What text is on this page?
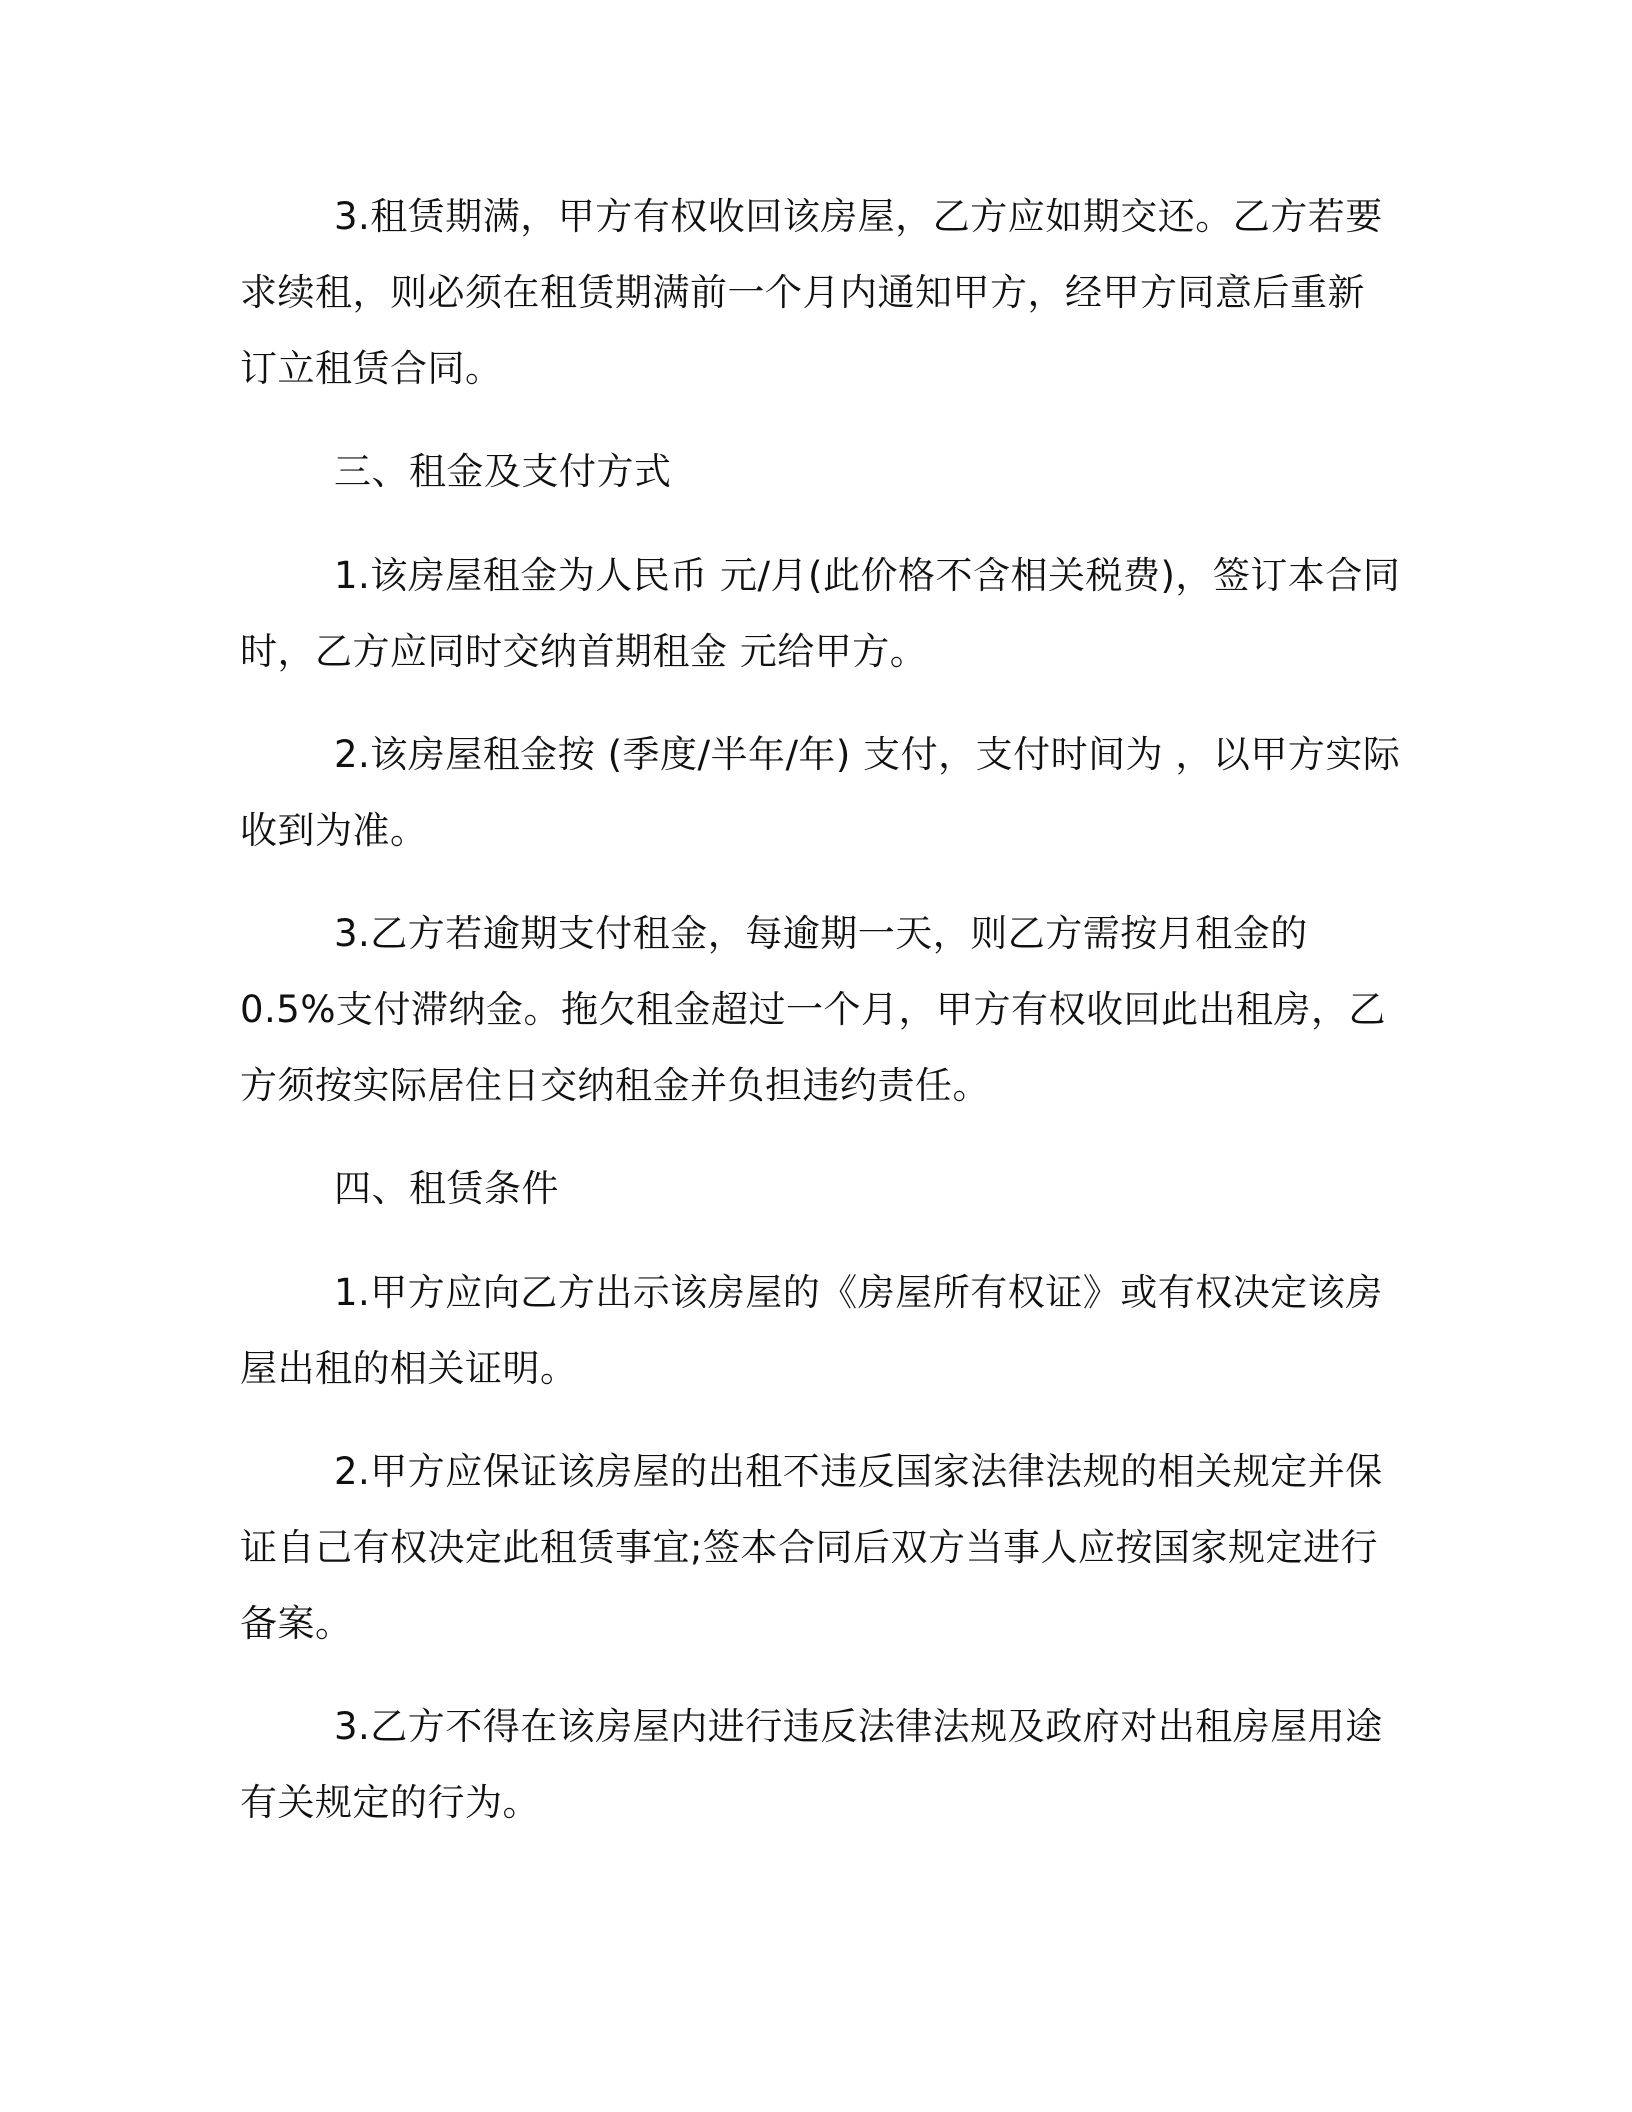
3.租赁期满，甲方有权收回该房屋，乙方应如期交还。乙方若要
求续租，则必须在租赁期满前一个月内通知甲方，经甲方同意后重新
订立租赁合同。
三、租金及支付方式
1.该房屋租金为人民币 元/月(此价格不含相关税费)，签订本合同
时，乙方应同时交纳首期租金 元给甲方。
2.该房屋租金按 (季度/半年/年) 支付，支付时间为 ，以甲方实际
收到为准。
3.乙方若逾期支付租金，每逾期一天，则乙方需按月租金的
0.5%支付滞纳金。拖欠租金超过一个月，甲方有权收回此出租房，乙
方须按实际居住日交纳租金并负担违约责任。
四、租赁条件
1.甲方应向乙方出示该房屋的《房屋所有权证》或有权决定该房
屋出租的相关证明。
2.甲方应保证该房屋的出租不违反国家法律法规的相关规定并保
证自己有权决定此租赁事宜;签本合同后双方当事人应按国家规定进行
备案。
3.乙方不得在该房屋内进行违反法律法规及政府对出租房屋用途
有关规定的行为。
